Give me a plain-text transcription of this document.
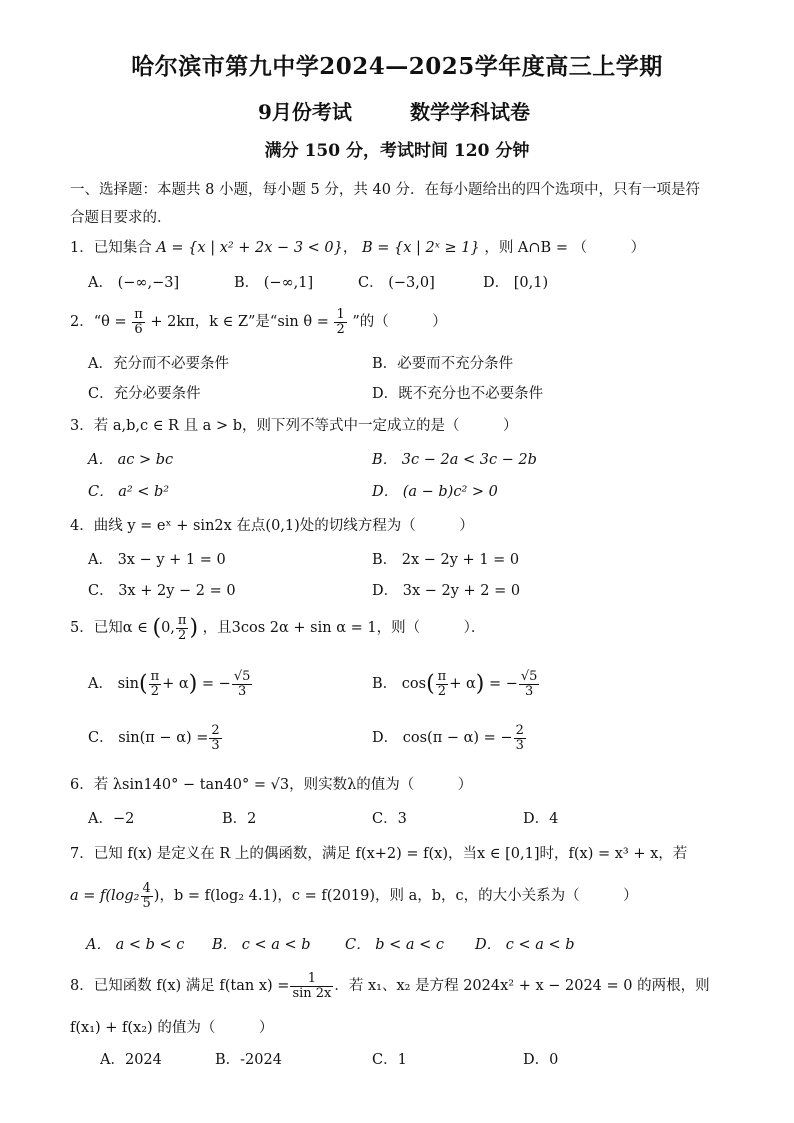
哈尔滨市第九中学2024—2025学年度高三上学期
9月份考试	数学学科试卷
满分 150 分，考试时间 120 分钟
一、选择题：本题共 8 小题，每小题 5 分，共 40 分．在每小题给出的四个选项中，只有一项是符
合题目要求的．
1．已知集合 A = {x | x² + 2x − 3 < 0}， B = {x | 2ˣ ≥ 1} ，则 A∩B = （　　　）
A． (−∞,−3]	B． (−∞,1]	C． (−3,0]	D． [0,1)
2．“$\theta = \frac{\pi}{6} + 2k\pi$，k ∈ Z”是“sin $\theta = \frac{1}{2}$ ”的（　　　）
A．充分而不必要条件	B．必要而不充分条件
C．充分必要条件	D．既不充分也不必要条件
3．若 a,b,c ∈ R 且 a > b，则下列不等式中一定成立的是（　　　）
A． ac > bc	B． 3c − 2a < 3c − 2b
C． a² < b²	D． (a − b)c² > 0
4．曲线 y = eˣ + sin2x 在点(0,1)处的切线方程为（　　　）
A． 3x − y + 1 = 0	B． 2x − 2y + 1 = 0
C． 3x + 2y − 2 = 0	D． 3x − 2y + 2 = 0
5．已知α ∈ (0, $\frac{\pi}{2}$ ) ，且3cos 2α + sin α = 1，则（　　　）．
A． $\sin( \frac{\pi}{2} + \alpha)$ = − $\frac{√5}{3}$	B． $\cos( \frac{\pi}{2} + \alpha)$ = − $\frac{√5}{3}$
C． $\sin(\pi - \alpha) = \frac{2}{3}$	D． cos(π − α) = − $\frac{2}{3}$
6．若 λsin140° − tan40° = √3，则实数λ的值为（　　　）
A．−2	B．2	C．3	D．4
7．已知 f(x) 是定义在 R 上的偶函数，满足 f(x+2) = f(x)，当x ∈ [0,1]时，f(x) = x³ + x，若
$a = f(\log_2 \frac{4}{5}$ )，b = f(log₂ 4.1)，c = f(2019)，则 a，b，c，的大小关系为（　　　）
A． a < b < c B． c < a < b C． b < a < c D． c < a < b
8．已知函数 f(x) 满足 f(tan $x) = \frac{1}{\sin 2x}$ ．若 x₁、x₂ 是方程 2024x² + x − 2024 = 0 的两根，则
f(x₁) + f(x₂) 的值为（　　　）
A．2024	B．-2024	C．1	D．0
